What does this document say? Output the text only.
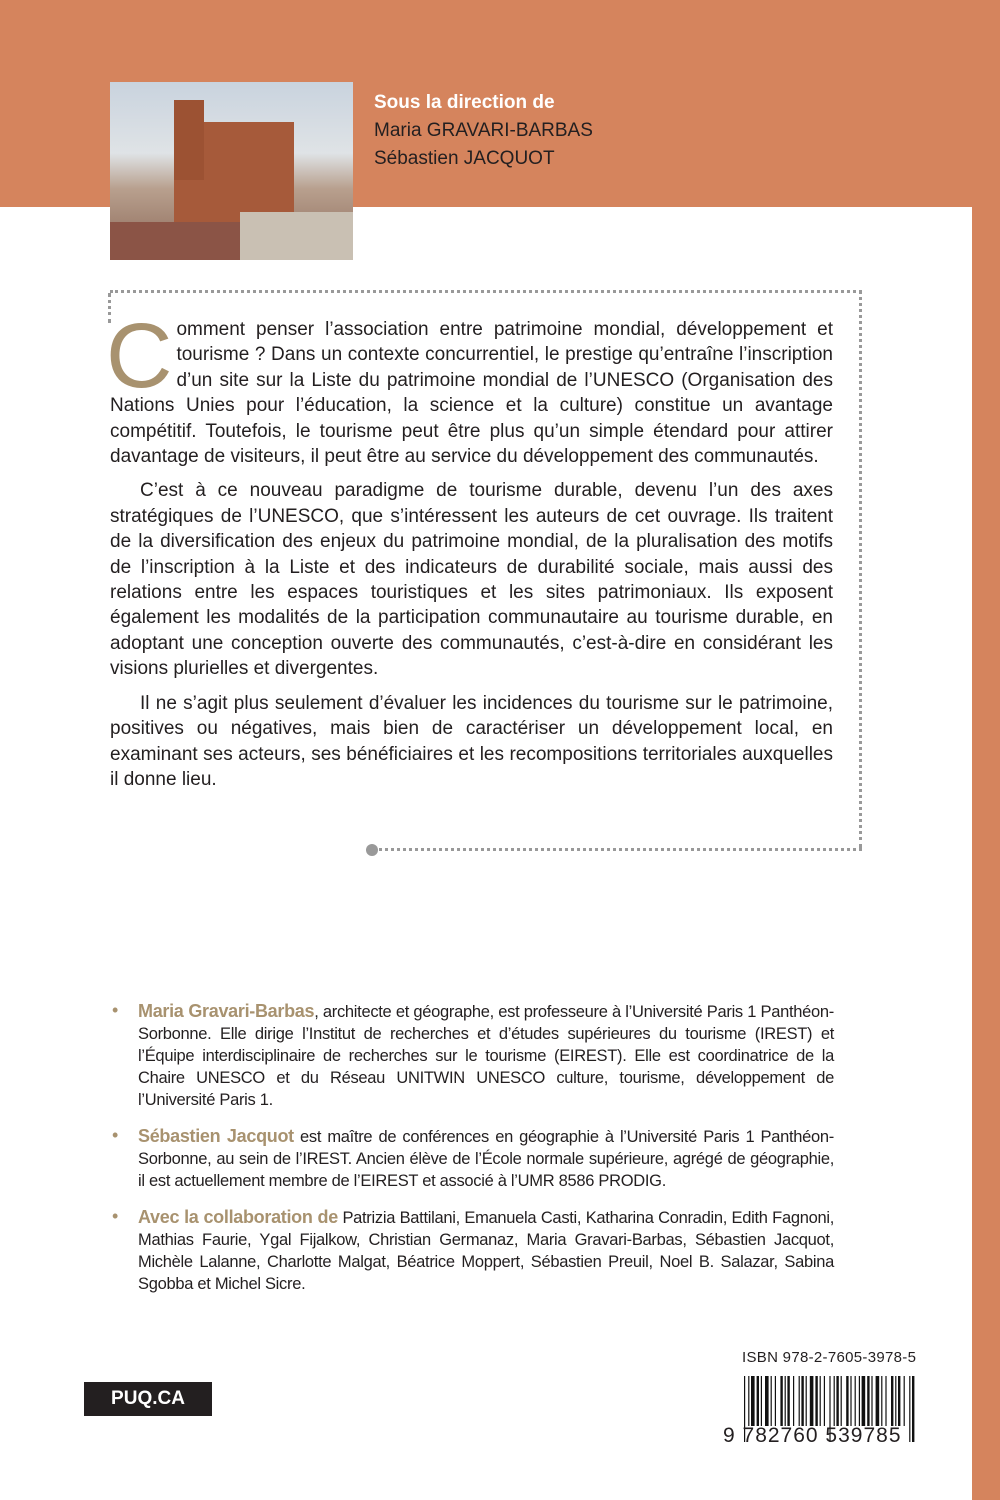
Sous la direction de
Maria GRAVARI-BARBAS
Sébastien JACQUOT

Comment penser l’association entre patrimoine mondial, développement et tourisme ? Dans un contexte concurrentiel, le prestige qu’entraîne l’inscription d’un site sur la Liste du patrimoine mondial de l’UNESCO (Organisation des Nations Unies pour l’éducation, la science et la culture) constitue un avantage compétitif. Toutefois, le tourisme peut être plus qu’un simple étendard pour attirer davantage de visiteurs, il peut être au service du développement des communautés.

C’est à ce nouveau paradigme de tourisme durable, devenu l’un des axes stratégiques de l’UNESCO, que s’intéressent les auteurs de cet ouvrage. Ils traitent de la diversification des enjeux du patrimoine mondial, de la pluralisation des motifs de l’inscription à la Liste et des indicateurs de durabilité sociale, mais aussi des relations entre les espaces touristiques et les sites patrimoniaux. Ils exposent également les modalités de la participation communautaire au tourisme durable, en adoptant une conception ouverte des communautés, c’est-à-dire en considérant les visions plurielles et divergentes.

Il ne s’agit plus seulement d’évaluer les incidences du tourisme sur le patrimoine, positives ou négatives, mais bien de caractériser un développement local, en examinant ses acteurs, ses bénéficiaires et les recompositions territoriales auxquelles il donne lieu.

• Maria Gravari-Barbas, architecte et géographe, est professeure à l’Université Paris 1 Panthéon-Sorbonne. Elle dirige l’Institut de recherches et d’études supérieures du tourisme (IREST) et l’Équipe interdisciplinaire de recherches sur le tourisme (EIREST). Elle est coordinatrice de la Chaire UNESCO et du Réseau UNITWIN UNESCO culture, tourisme, développement de l’Université Paris 1.
• Sébastien Jacquot est maître de conférences en géographie à l’Université Paris 1 Panthéon-Sorbonne, au sein de l’IREST. Ancien élève de l’École normale supérieure, agrégé de géographie, il est actuellement membre de l’EIREST et associé à l’UMR 8586 PRODIG.
• Avec la collaboration de Patrizia Battilani, Emanuela Casti, Katharina Conradin, Edith Fagnoni, Mathias Faurie, Ygal Fijalkow, Christian Germanaz, Maria Gravari-Barbas, Sébastien Jacquot, Michèle Lalanne, Charlotte Malgat, Béatrice Moppert, Sébastien Preuil, Noel B. Salazar, Sabina Sgobba et Michel Sicre.
PUQ.CA
ISBN 978-2-7605-3978-5
9 782760 539785
